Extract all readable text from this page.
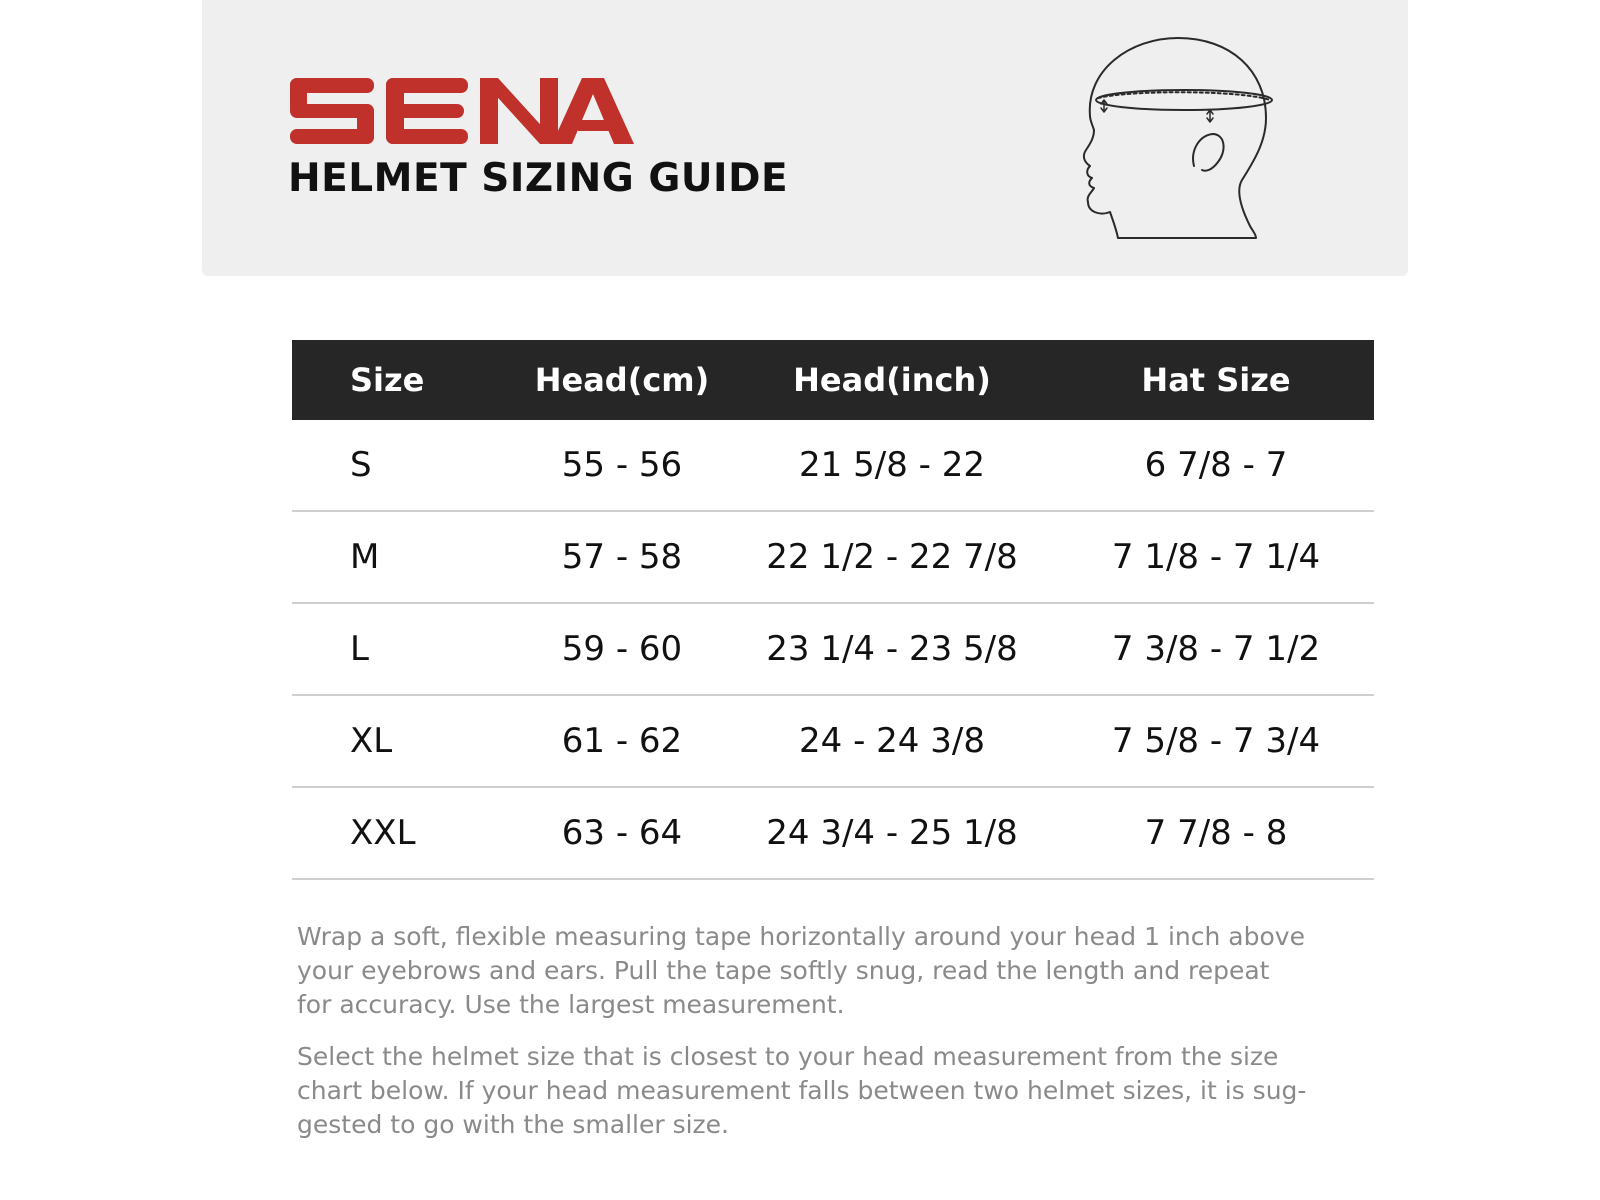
HELMET SIZING GUIDE
Size	Head(cm)	Head(inch)	Hat Size
S	55 - 56	21 5/8 - 22	6 7/8 - 7
M	57 - 58	22 1/2 - 22 7/8	7 1/8 - 7 1/4
L	59 - 60	23 1/4 - 23 5/8	7 3/8 - 7 1/2
XL	61 - 62	24 - 24 3/8	7 5/8 - 7 3/4
XXL	63 - 64	24 3/4 - 25 1/8	7 7/8 - 8

Wrap a soft, flexible measuring tape horizontally around your head 1 inch above your eyebrows and ears. Pull the tape softly snug, read the length and repeat for accuracy. Use the largest measurement.

Select the helmet size that is closest to your head measurement from the size chart below. If your head measurement falls between two helmet sizes, it is suggested to go with the smaller size.
